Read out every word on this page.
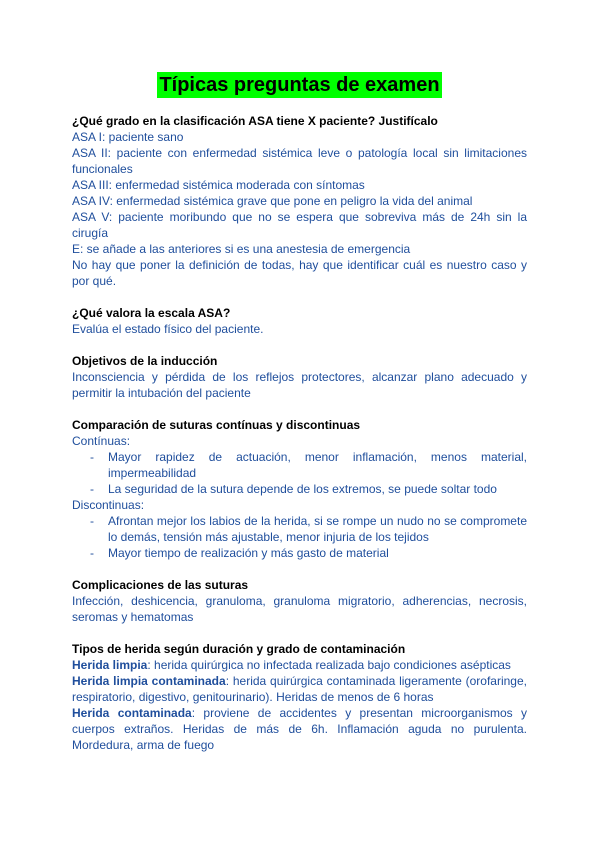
Típicas preguntas de examen
¿Qué grado en la clasificación ASA tiene X paciente? Justifícalo
ASA I: paciente sano
ASA II: paciente con enfermedad sistémica leve o patología local sin limitaciones funcionales
ASA III: enfermedad sistémica moderada con síntomas
ASA IV: enfermedad sistémica grave que pone en peligro la vida del animal
ASA V: paciente moribundo que no se espera que sobreviva más de 24h sin la cirugía
E: se añade a las anteriores si es una anestesia de emergencia
No hay que poner la definición de todas, hay que identificar cuál es nuestro caso y por qué.
¿Qué valora la escala ASA?
Evalúa el estado físico del paciente.
Objetivos de la inducción
Inconsciencia y pérdida de los reflejos protectores, alcanzar plano adecuado y permitir la intubación del paciente
Comparación de suturas contínuas y discontinuas
Contínuas:
- Mayor rapidez de actuación, menor inflamación, menos material, impermeabilidad
- La seguridad de la sutura depende de los extremos, se puede soltar todo
Discontinuas:
- Afrontan mejor los labios de la herida, si se rompe un nudo no se compromete lo demás, tensión más ajustable, menor injuria de los tejidos
- Mayor tiempo de realización y más gasto de material
Complicaciones de las suturas
Infección, deshicencia, granuloma, granuloma migratorio, adherencias, necrosis, seromas y hematomas
Tipos de herida según duración y grado de contaminación
Herida limpia: herida quirúrgica no infectada realizada bajo condiciones asépticas
Herida limpia contaminada: herida quirúrgica contaminada ligeramente (orofaringe, respiratorio, digestivo, genitourinario). Heridas de menos de 6 horas
Herida contaminada: proviene de accidentes y presentan microorganismos y cuerpos extraños. Heridas de más de 6h. Inflamación aguda no purulenta. Mordedura, arma de fuego
